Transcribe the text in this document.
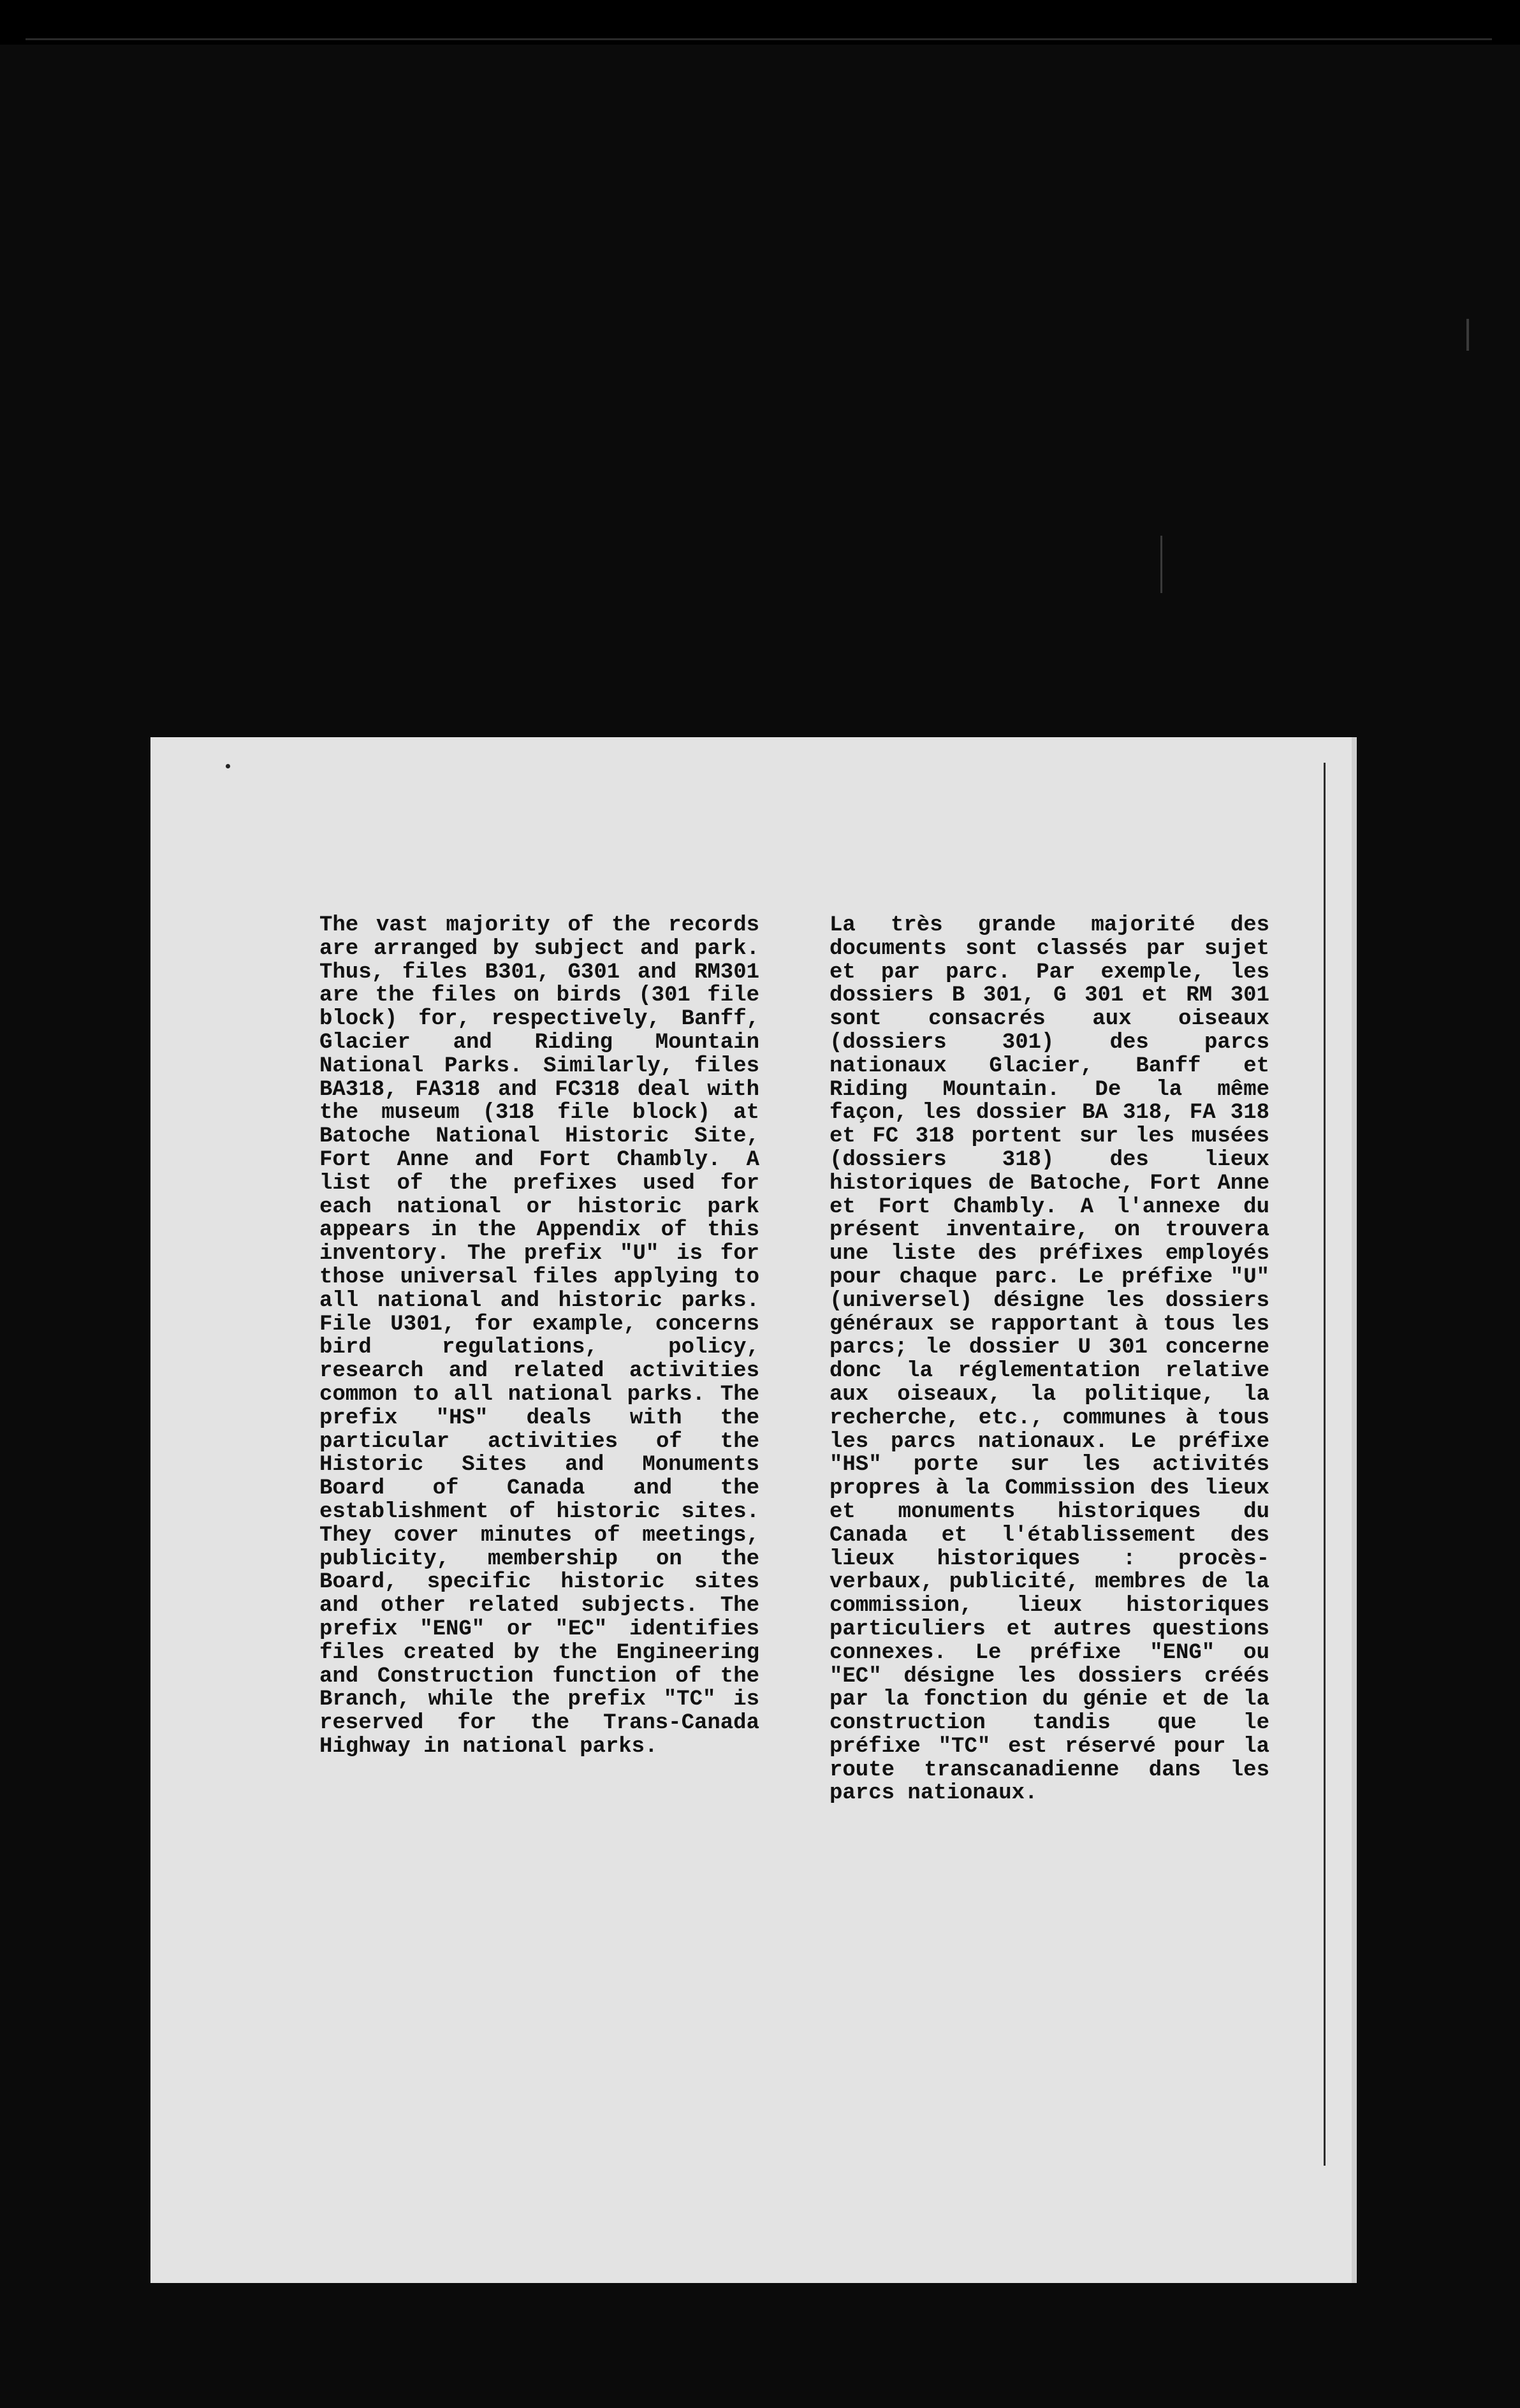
The vast majority of the records are arranged by subject and park. Thus, files B301, G301 and RM301 are the files on birds (301 file block) for, respectively, Banff, Glacier and Riding Mountain National Parks. Similarly, files BA318, FA318 and FC318 deal with the museum (318 file block) at Batoche National Historic Site, Fort Anne and Fort Chambly. A list of the prefixes used for each national or historic park appears in the Appendix of this inventory. The prefix "U" is for those universal files applying to all national and historic parks. File U301, for example, concerns bird regulations, policy, research and related activities common to all national parks. The prefix "HS" deals with the particular activities of the Historic Sites and Monuments Board of Canada and the establishment of historic sites. They cover minutes of meetings, publicity, membership on the Board, specific historic sites and other related subjects. The prefix "ENG" or "EC" identifies files created by the Engineering and Construction function of the Branch, while the prefix "TC" is reserved for the Trans-Canada Highway in national parks.
La très grande majorité des documents sont classés par sujet et par parc. Par exemple, les dossiers B 301, G 301 et RM 301 sont consacrés aux oiseaux (dossiers 301) des parcs nationaux Glacier, Banff et Riding Mountain. De la même façon, les dossier BA 318, FA 318 et FC 318 portent sur les musées (dossiers 318) des lieux historiques de Batoche, Fort Anne et Fort Chambly. A l'annexe du présent inventaire, on trouvera une liste des préfixes employés pour chaque parc. Le préfixe "U" (universel) désigne les dossiers généraux se rapportant à tous les parcs; le dossier U 301 concerne donc la réglementation relative aux oiseaux, la politique, la recherche, etc., communes à tous les parcs nationaux. Le préfixe "HS" porte sur les activités propres à la Commission des lieux et monuments historiques du Canada et l'établissement des lieux historiques : procès-verbaux, publicité, membres de la commission, lieux historiques particuliers et autres questions connexes. Le préfixe "ENG" ou "EC" désigne les dossiers créés par la fonction du génie et de la construction tandis que le préfixe "TC" est réservé pour la route transcanadienne dans les parcs nationaux.
